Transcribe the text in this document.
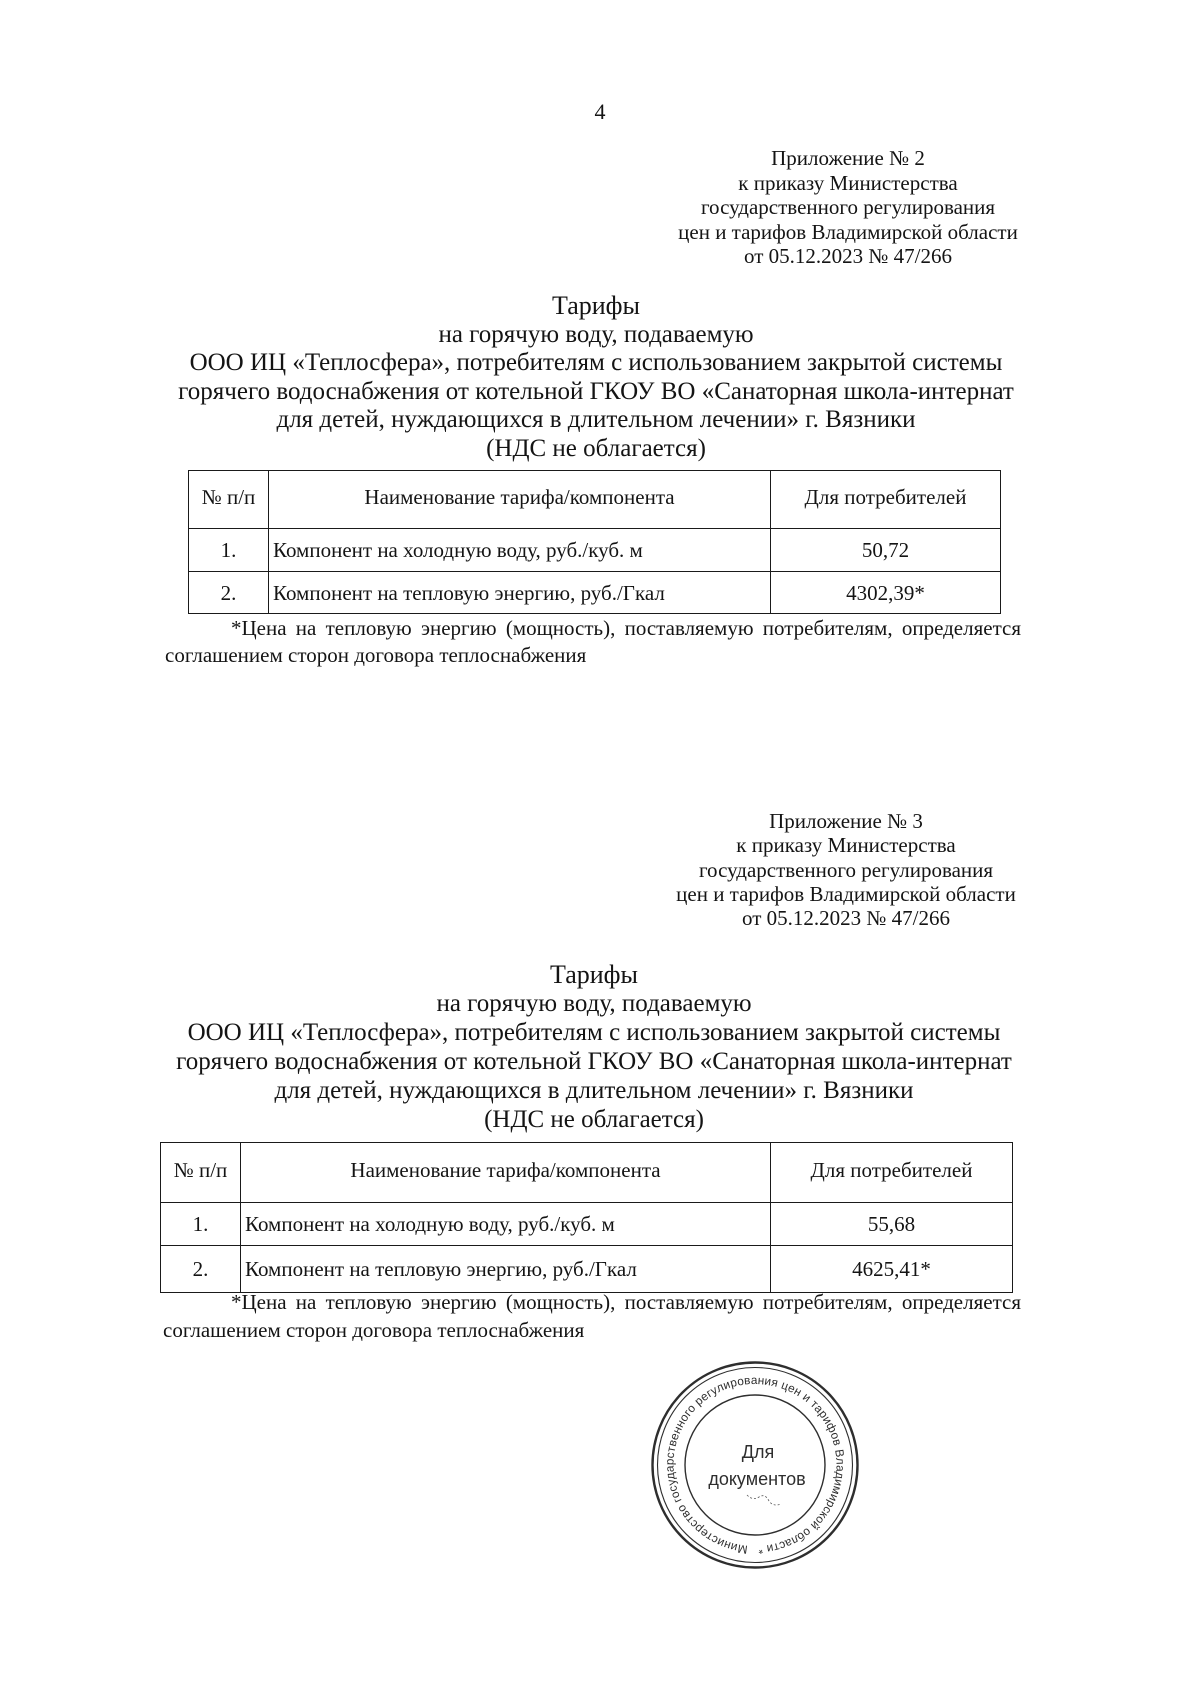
4
Приложение № 2
к приказу Министерства
государственного регулирования
цен и тарифов Владимирской области
от 05.12.2023 № 47/266
Тарифы
на горячую воду, подаваемую
ООО ИЦ «Теплосфера», потребителям с использованием закрытой системы
горячего водоснабжения от котельной ГКОУ ВО «Санаторная школа-интернат
для детей, нуждающихся в длительном лечении» г. Вязники
(НДС не облагается)
№ п/п	Наименование тарифа/компонента	Для потребителей
1.	Компонент на холодную воду, руб./куб. м	50,72
2.	Компонент на тепловую энергию, руб./Гкал	4302,39*
*Цена на тепловую энергию (мощность), поставляемую потребителям, определяется
соглашением сторон договора теплоснабжения
Приложение № 3
к приказу Министерства
государственного регулирования
цен и тарифов Владимирской области
от 05.12.2023 № 47/266
Тарифы
на горячую воду, подаваемую
ООО ИЦ «Теплосфера», потребителям с использованием закрытой системы
горячего водоснабжения от котельной ГКОУ ВО «Санаторная школа-интернат
для детей, нуждающихся в длительном лечении» г. Вязники
(НДС не облагается)
№ п/п	Наименование тарифа/компонента	Для потребителей
1.	Компонент на холодную воду, руб./куб. м	55,68
2.	Компонент на тепловую энергию, руб./Гкал	4625,41*
*Цена на тепловую энергию (мощность), поставляемую потребителям, определяется
соглашением сторон договора теплоснабжения
Министерство государственного регулирования цен и тарифов Владимирской области *
Для
документов
